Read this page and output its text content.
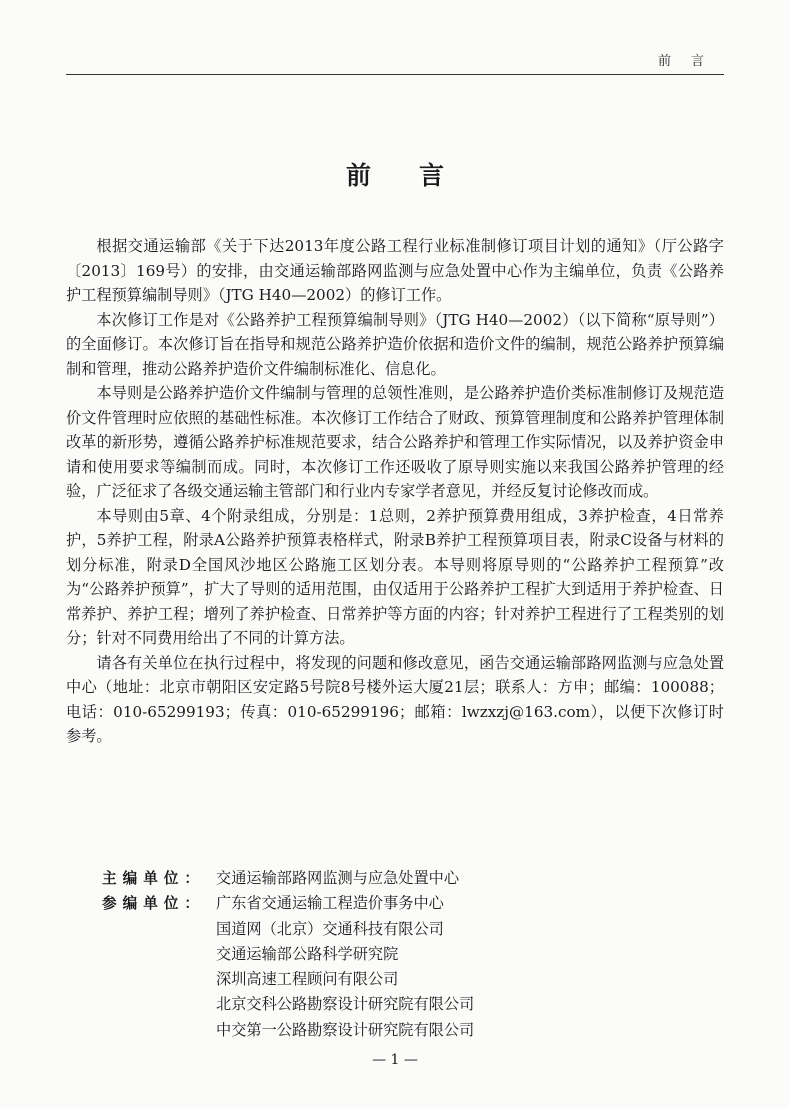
前言
前言

根据交通运输部《关于下达2013年度公路工程行业标准制修订项目计划的通知》（厅公路字〔2013〕169号）的安排，由交通运输部路网监测与应急处置中心作为主编单位，负责《公路养护工程预算编制导则》（JTG H40—2002）的修订工作。

本次修订工作是对《公路养护工程预算编制导则》（JTG H40—2002）（以下简称“原导则”）的全面修订。本次修订旨在指导和规范公路养护造价依据和造价文件的编制，规范公路养护预算编制和管理，推动公路养护造价文件编制标准化、信息化。

本导则是公路养护造价文件编制与管理的总领性准则，是公路养护造价类标准制修订及规范造价文件管理时应依照的基础性标准。本次修订工作结合了财政、预算管理制度和公路养护管理体制改革的新形势，遵循公路养护标准规范要求，结合公路养护和管理工作实际情况，以及养护资金申请和使用要求等编制而成。同时，本次修订工作还吸收了原导则实施以来我国公路养护管理的经验，广泛征求了各级交通运输主管部门和行业内专家学者意见，并经反复讨论修改而成。

本导则由5章、4个附录组成，分别是：1总则，2养护预算费用组成，3养护检查，4日常养护，5养护工程，附录A公路养护预算表格样式，附录B养护工程预算项目表，附录C设备与材料的划分标准，附录D全国风沙地区公路施工区划分表。本导则将原导则的“公路养护工程预算”改为“公路养护预算”，扩大了导则的适用范围，由仅适用于公路养护工程扩大到适用于养护检查、日常养护、养护工程；增列了养护检查、日常养护等方面的内容；针对养护工程进行了工程类别的划分；针对不同费用给出了不同的计算方法。

请各有关单位在执行过程中，将发现的问题和修改意见，函告交通运输部路网监测与应急处置中心（地址：北京市朝阳区安定路5号院8号楼外运大厦21层；联系人：方申；邮编：100088；电话：010-65299193；传真：010-65299196；邮箱：lwzxzj@163.com），以便下次修订时参考。

主编单位： 交通运输部路网监测与应急处置中心
参编单位： 广东省交通运输工程造价事务中心
国道网（北京）交通科技有限公司
交通运输部公路科学研究院
深圳高速工程顾问有限公司
北京交科公路勘察设计研究院有限公司
中交第一公路勘察设计研究院有限公司
— 1 —
